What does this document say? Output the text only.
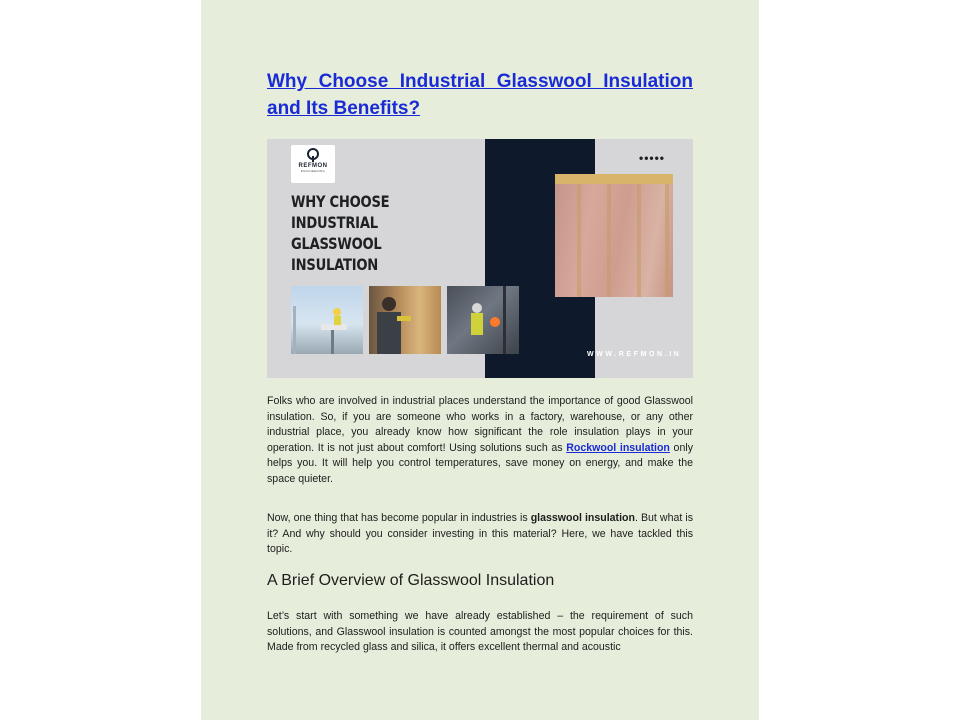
Why Choose Industrial Glasswool Insulation and Its Benefits?
REFMON
ENGINEERING
WHY CHOOSE
INDUSTRIAL GLASSWOOL
INSULATION
•••••
WWW.REFMON.IN

Folks who are involved in industrial places understand the importance of good Glasswool insulation. So, if you are someone who works in a factory, warehouse, or any other industrial place, you already know how significant the role insulation plays in your operation. It is not just about comfort! Using solutions such as Rockwool insulation only helps you. It will help you control temperatures, save money on energy, and make the space quieter.

Now, one thing that has become popular in industries is glasswool insulation. But what is it? And why should you consider investing in this material? Here, we have tackled this topic.

A Brief Overview of Glasswool Insulation

Let’s start with something we have already established – the requirement of such solutions, and Glasswool insulation is counted amongst the most popular choices for this. Made from recycled glass and silica, it offers excellent thermal and acoustic
